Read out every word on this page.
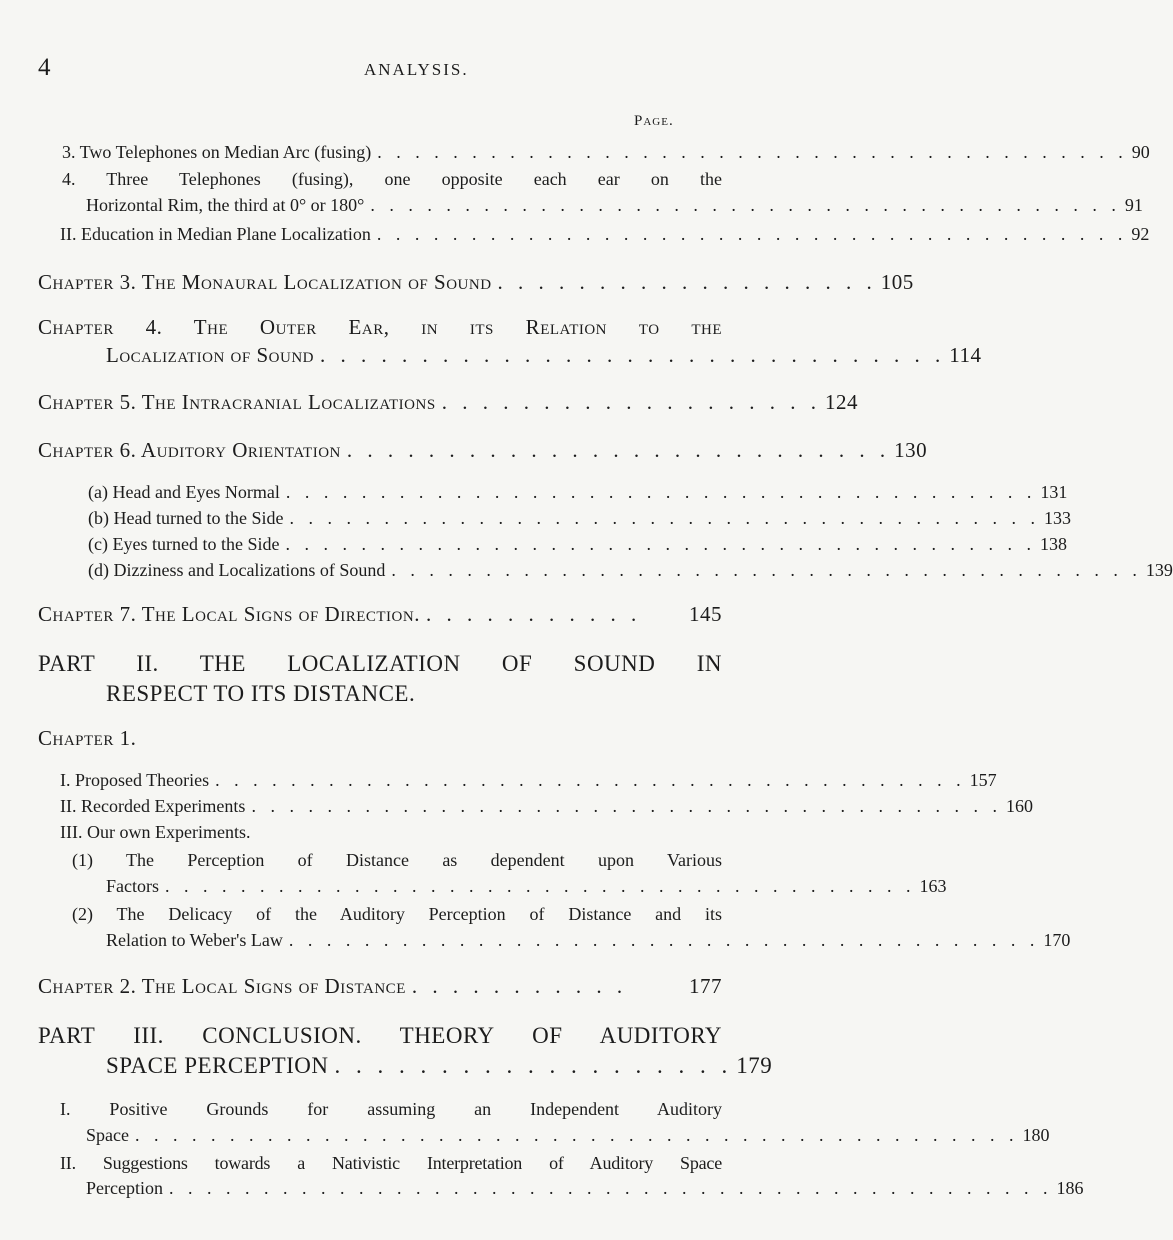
4	ANALYSIS.
Page.
3. Two Telephones on Median Arc (fusing) . . . . . . . . . . . . . . . . . . . . . . . . . . . . . . . . . . . . . . . . 90
4. Three Telephones (fusing), one opposite each ear on the
Horizontal Rim, the third at 0° or 180° . . . . . . . . . . . . . . . . . . . . . . . . . . . . . . . . . . . . . . . . 91
II. Education in Median Plane Localization . . . . . . . . . . . . . . . . . . . . . . . . . . . . . . . . . . . . . . . . 92
Chapter 3. The Monaural Localization of Sound . . . . . . . . . . . . . . . . . . . 105
Chapter 4. The Outer Ear, in its Relation to the
Localization of Sound . . . . . . . . . . . . . . . . . . . . . . . . . . . . . . . 114
Chapter 5. The Intracranial Localizations . . . . . . . . . . . . . . . . . . . 124
Chapter 6. Auditory Orientation . . . . . . . . . . . . . . . . . . . . . . . . . . . 130
(a) Head and Eyes Normal . . . . . . . . . . . . . . . . . . . . . . . . . . . . . . . . . . . . . . . . 131
(b) Head turned to the Side . . . . . . . . . . . . . . . . . . . . . . . . . . . . . . . . . . . . . . . . 133
(c) Eyes turned to the Side . . . . . . . . . . . . . . . . . . . . . . . . . . . . . . . . . . . . . . . . 138
(d) Dizziness and Localizations of Sound . . . . . . . . . . . . . . . . . . . . . . . . . . . . . . . . . . . . . . . . 139
Chapter 7. The Local Signs of Direction. . . . . . . . . . . .	145
PART II. THE LOCALIZATION OF SOUND IN
RESPECT TO ITS DISTANCE.
Chapter 1.
I. Proposed Theories . . . . . . . . . . . . . . . . . . . . . . . . . . . . . . . . . . . . . . . . 157
II. Recorded Experiments . . . . . . . . . . . . . . . . . . . . . . . . . . . . . . . . . . . . . . . . 160
III. Our own Experiments.
(1) The Perception of Distance as dependent upon Various
Factors . . . . . . . . . . . . . . . . . . . . . . . . . . . . . . . . . . . . . . . . 163
(2) The Delicacy of the Auditory Perception of Distance and its
Relation to Weber's Law . . . . . . . . . . . . . . . . . . . . . . . . . . . . . . . . . . . . . . . . 170
Chapter 2. The Local Signs of Distance . . . . . . . . . . .	177
PART III. CONCLUSION. THEORY OF AUDITORY
SPACE PERCEPTION . . . . . . . . . . . . . . . . . . . 179
I. Positive Grounds for assuming an Independent Auditory
Space . . . . . . . . . . . . . . . . . . . . . . . . . . . . . . . . . . . . . . . . . . . . . . . 180
II. Suggestions towards a Nativistic Interpretation of Auditory Space
Perception . . . . . . . . . . . . . . . . . . . . . . . . . . . . . . . . . . . . . . . . . . . . . . . 186
